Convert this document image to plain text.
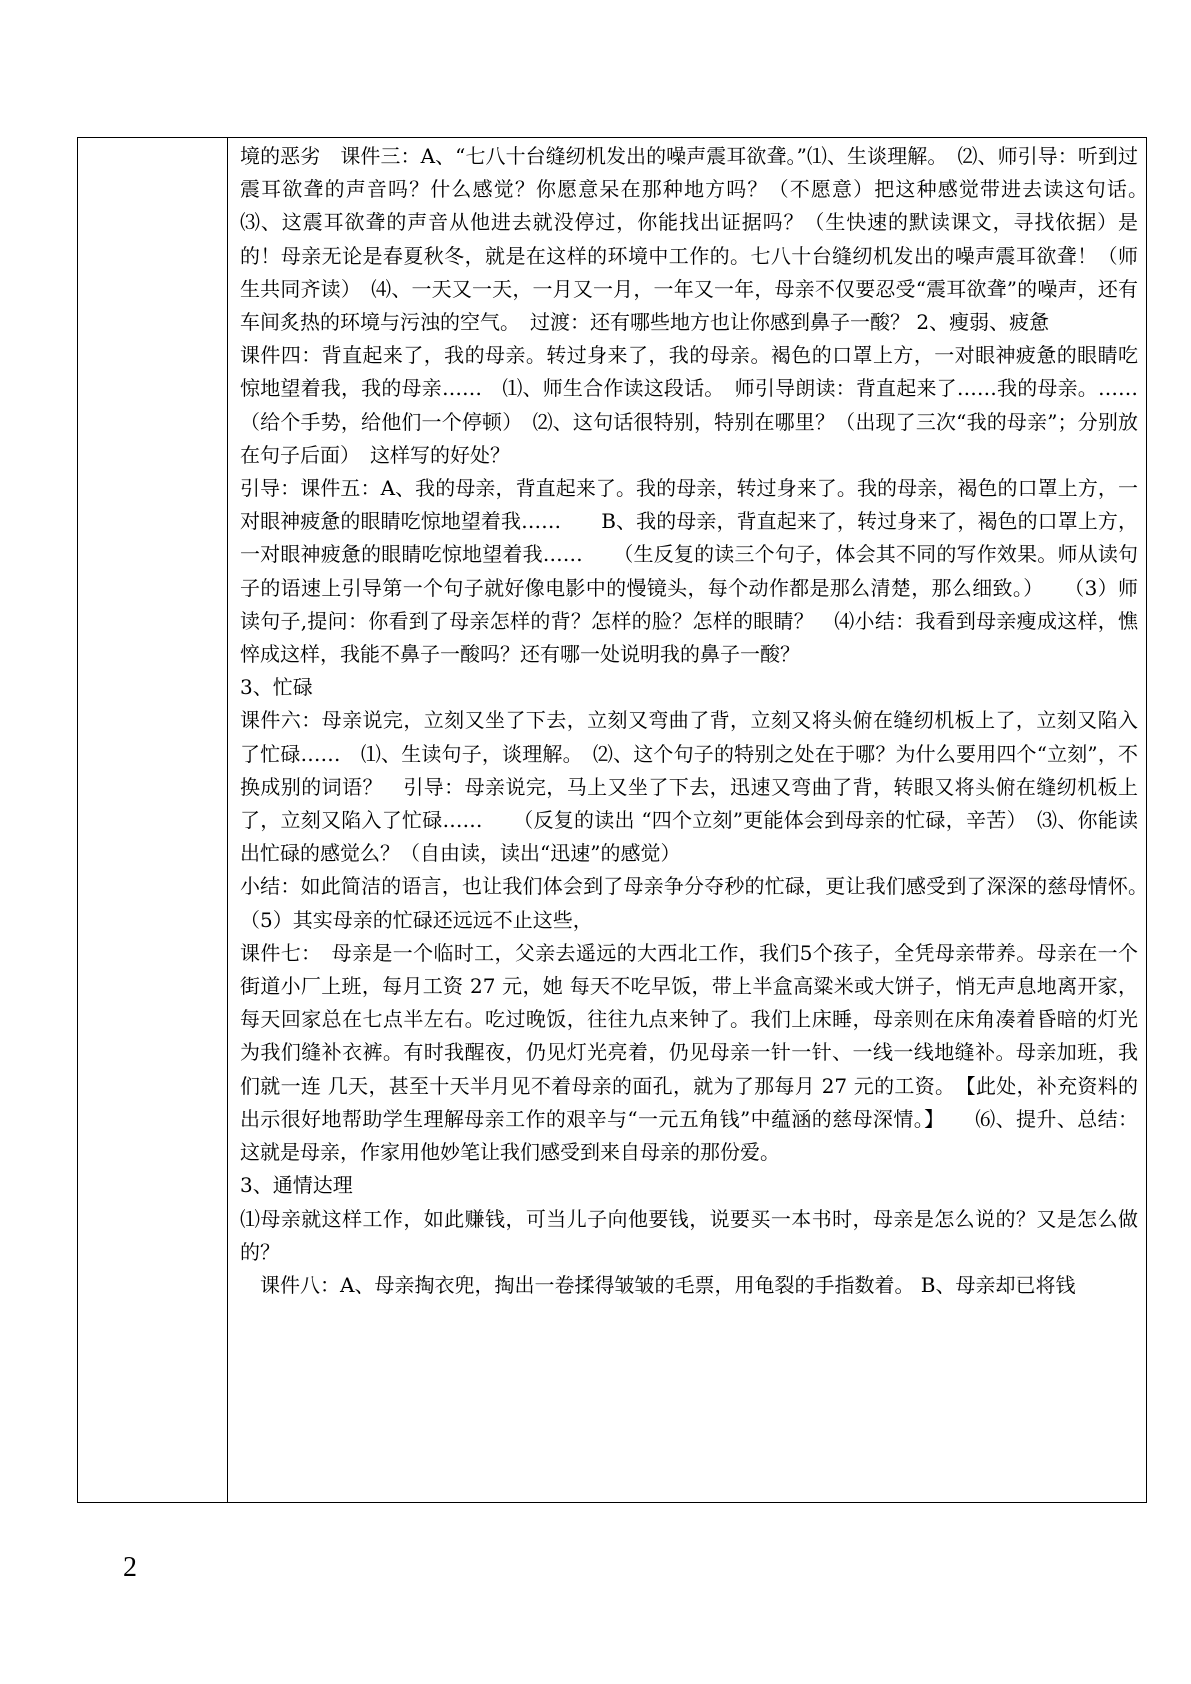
境的恶劣　课件三：A、“七八十台缝纫机发出的噪声震耳欲聋。”⑴、生谈理解。　⑵、师引导：听到过震耳欲聋的声音吗？什么感觉？你愿意呆在那种地方吗？（不愿意）把这种感觉带进去读这句话。　⑶、这震耳欲聋的声音从他进去就没停过，你能找出证据吗？（生快速的默读课文，寻找依据）是的！母亲无论是春夏秋冬，就是在这样的环境中工作的。七八十台缝纫机发出的噪声震耳欲聋！（师生共同齐读）　⑷、一天又一天，一月又一月，一年又一年，母亲不仅要忍受“震耳欲聋”的噪声，还有车间炙热的环境与污浊的空气。　过渡：还有哪些地方也让你感到鼻子一酸？ 2、瘦弱、疲惫

课件四：背直起来了，我的母亲。转过身来了，我的母亲。褐色的口罩上方，一对眼神疲惫的眼睛吃惊地望着我，我的母亲……　⑴、师生合作读这段话。　师引导朗读：背直起来了……我的母亲。……（给个手势，给他们一个停顿）　⑵、这句话很特别，特别在哪里？（出现了三次“我的母亲”；分别放在句子后面）　这样写的好处？

引导：课件五：A、我的母亲，背直起来了。我的母亲，转过身来了。我的母亲，褐色的口罩上方，一对眼神疲惫的眼睛吃惊地望着我……　　B、我的母亲，背直起来了，转过身来了，褐色的口罩上方，一对眼神疲惫的眼睛吃惊地望着我……　　（生反复的读三个句子，体会其不同的写作效果。师从读句子的语速上引导第一个句子就好像电影中的慢镜头，每个动作都是那么清楚，那么细致。）　　（3）师读句子,提问：你看到了母亲怎样的背？怎样的脸？怎样的眼睛？　⑷小结：我看到母亲瘦成这样，憔悴成这样，我能不鼻子一酸吗？还有哪一处说明我的鼻子一酸？

3、忙碌

课件六：母亲说完，立刻又坐了下去，立刻又弯曲了背，立刻又将头俯在缝纫机板上了，立刻又陷入了忙碌……　⑴、生读句子，谈理解。　⑵、这个句子的特别之处在于哪？为什么要用四个“立刻”，不换成别的词语？　引导：母亲说完，马上又坐了下去，迅速又弯曲了背，转眼又将头俯在缝纫机板上了，立刻又陷入了忙碌……　　（反复的读出 “四个立刻”更能体会到母亲的忙碌，辛苦）　⑶、你能读出忙碌的感觉么？（自由读，读出“迅速”的感觉）

小结：如此简洁的语言，也让我们体会到了母亲争分夺秒的忙碌，更让我们感受到了深深的慈母情怀。　　（5）其实母亲的忙碌还远远不止这些，

课件七：　母亲是一个临时工，父亲去遥远的大西北工作，我们5个孩子，全凭母亲带养。母亲在一个街道小厂上班，每月工资 27 元，她 每天不吃早饭，带上半盒高粱米或大饼子，悄无声息地离开家，每天回家总在七点半左右。吃过晚饭，往往九点来钟了。我们上床睡，母亲则在床角凑着昏暗的灯光为我们缝补衣裤。有时我醒夜，仍见灯光亮着，仍见母亲一针一针、一线一线地缝补。母亲加班，我们就一连 几天，甚至十天半月见不着母亲的面孔，就为了那每月 27 元的工资。　【此处，补充资料的出示很好地帮助学生理解母亲工作的艰辛与“一元五角钱”中蕴涵的慈母深情。】　　⑹、提升、总结：这就是母亲，作家用他妙笔让我们感受到来自母亲的那份爱。

3、通情达理

⑴母亲就这样工作，如此赚钱，可当儿子向他要钱，说要买一本书时，母亲是怎么说的？又是怎么做的？

　课件八：A、母亲掏衣兜，掏出一卷揉得皱皱的毛票，用龟裂的手指数着。 B、母亲却已将钱

2
